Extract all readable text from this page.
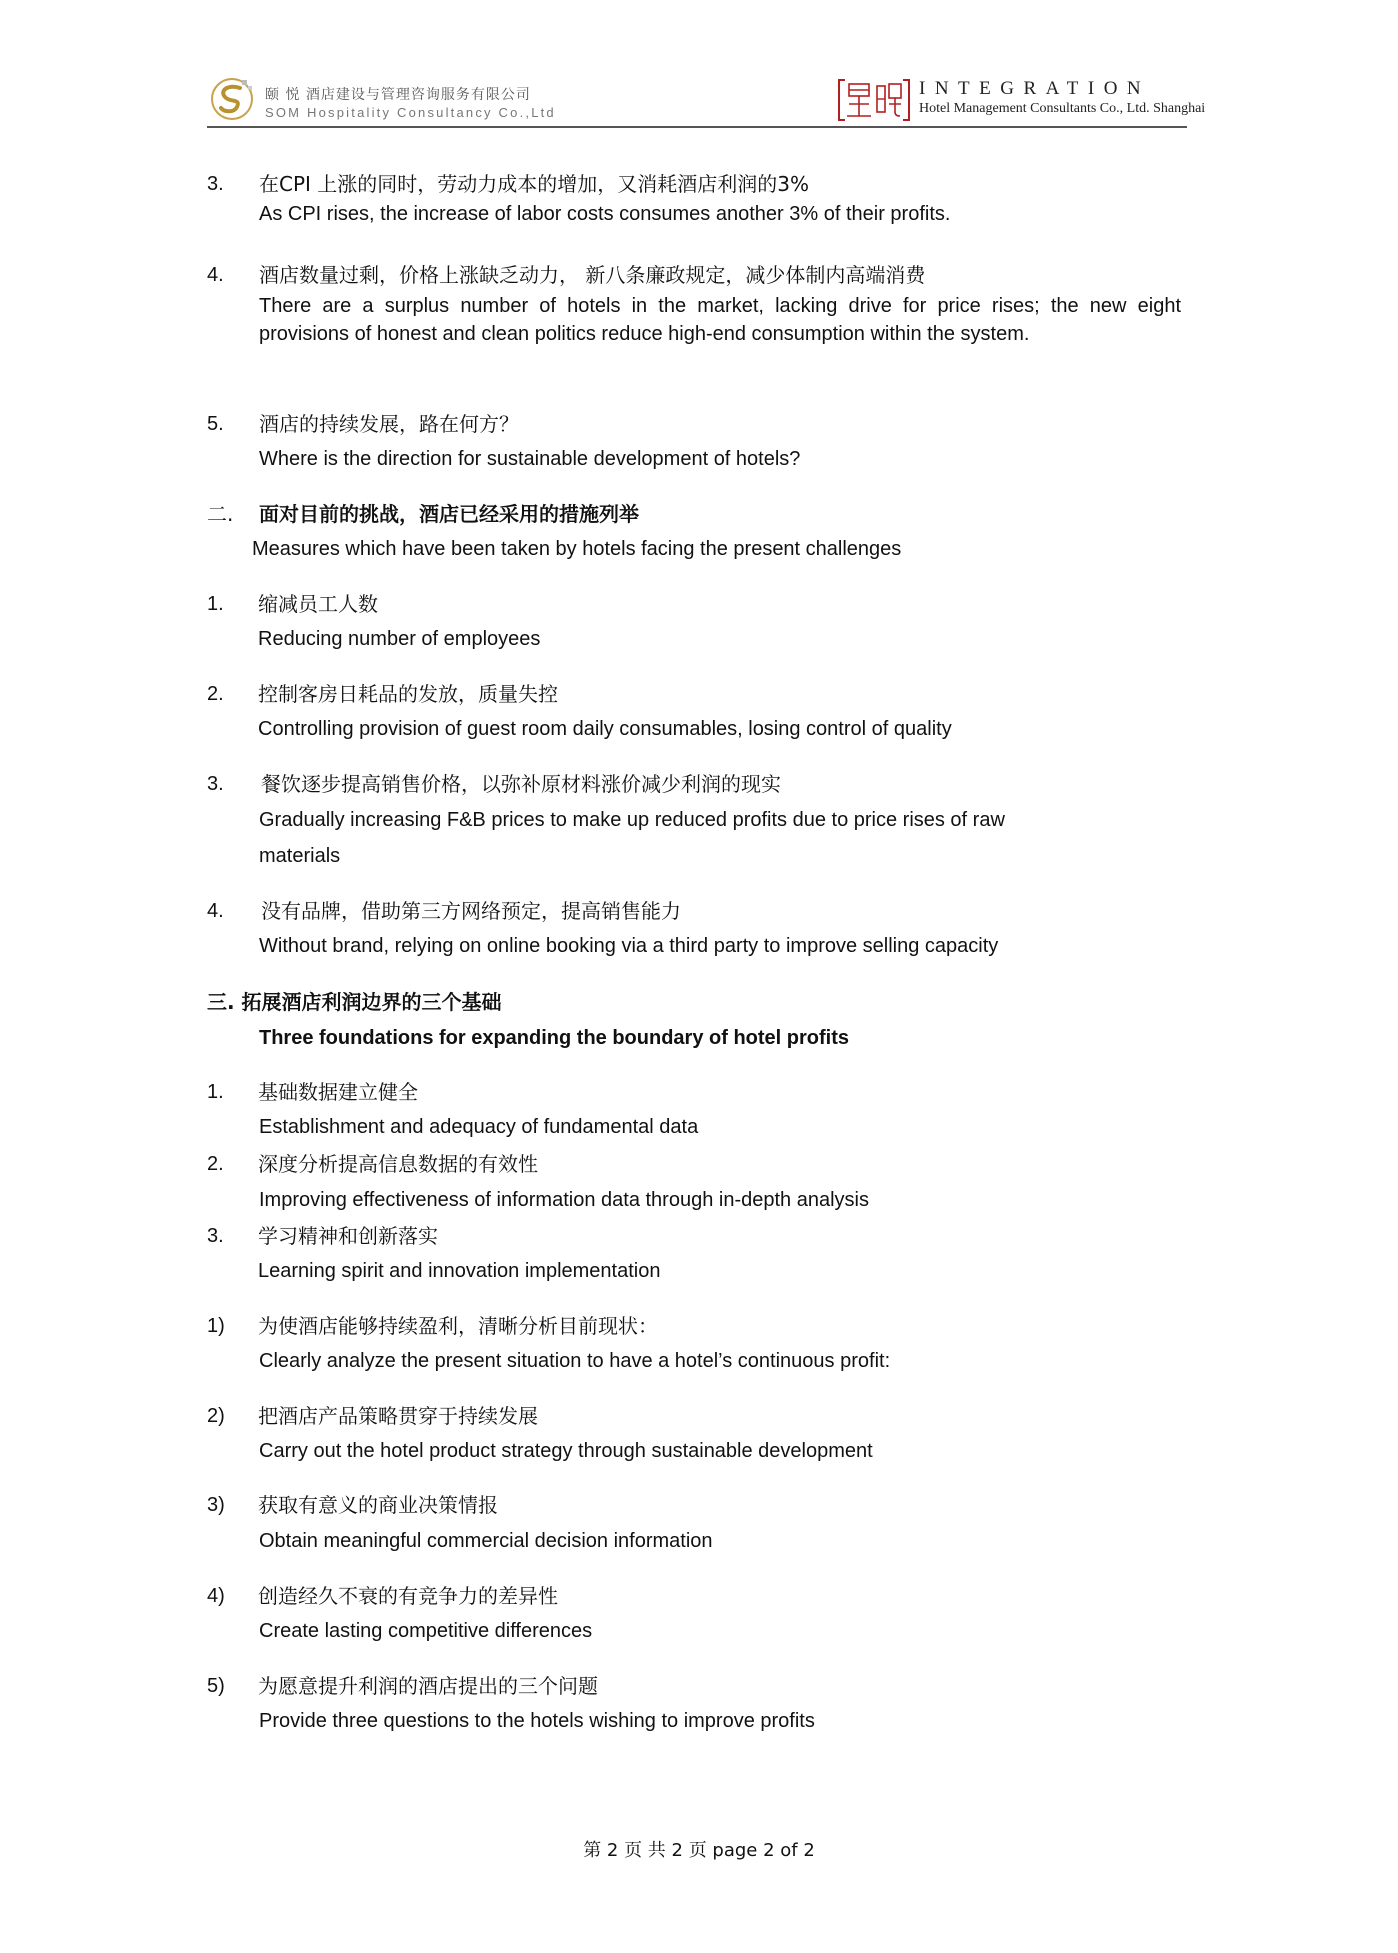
颐 悦 酒店建设与管理咨询服务有限公司
SOM Hospitality Consultancy Co.,Ltd
INTEGRATION
Hotel Management Consultants Co., Ltd. Shanghai
3. 在CPI 上涨的同时，劳动力成本的增加，又消耗酒店利润的3%
As CPI rises, the increase of labor costs consumes another 3% of their profits.
4. 酒店数量过剩，价格上涨缺乏动力， 新八条廉政规定，减少体制内高端消费
There are a surplus number of hotels in the market, lacking drive for price rises; the new eight provisions of honest and clean politics reduce high-end consumption within the system.
5. 酒店的持续发展，路在何方？
Where is the direction for sustainable development of hotels?
二. 面对目前的挑战，酒店已经采用的措施列举
Measures which have been taken by hotels facing the present challenges
1. 缩减员工人数
Reducing number of employees
2. 控制客房日耗品的发放，质量失控
Controlling provision of guest room daily consumables, losing control of quality
3. 餐饮逐步提高销售价格，以弥补原材料涨价减少利润的现实
Gradually increasing F&B prices to make up reduced profits due to price rises of raw
materials
4. 没有品牌，借助第三方网络预定，提高销售能力
Without brand, relying on online booking via a third party to improve selling capacity
三. 拓展酒店利润边界的三个基础
Three foundations for expanding the boundary of hotel profits
1. 基础数据建立健全
Establishment and adequacy of fundamental data
2. 深度分析提高信息数据的有效性
Improving effectiveness of information data through in-depth analysis
3. 学习精神和创新落实
Learning spirit and innovation implementation
1) 为使酒店能够持续盈利，清晰分析目前现状：
Clearly analyze the present situation to have a hotel’s continuous profit:
2) 把酒店产品策略贯穿于持续发展
Carry out the hotel product strategy through sustainable development
3) 获取有意义的商业决策情报
Obtain meaningful commercial decision information
4) 创造经久不衰的有竞争力的差异性
Create lasting competitive differences
5) 为愿意提升利润的酒店提出的三个问题
Provide three questions to the hotels wishing to improve profits
第 2 页 共 2 页 page 2 of 2
